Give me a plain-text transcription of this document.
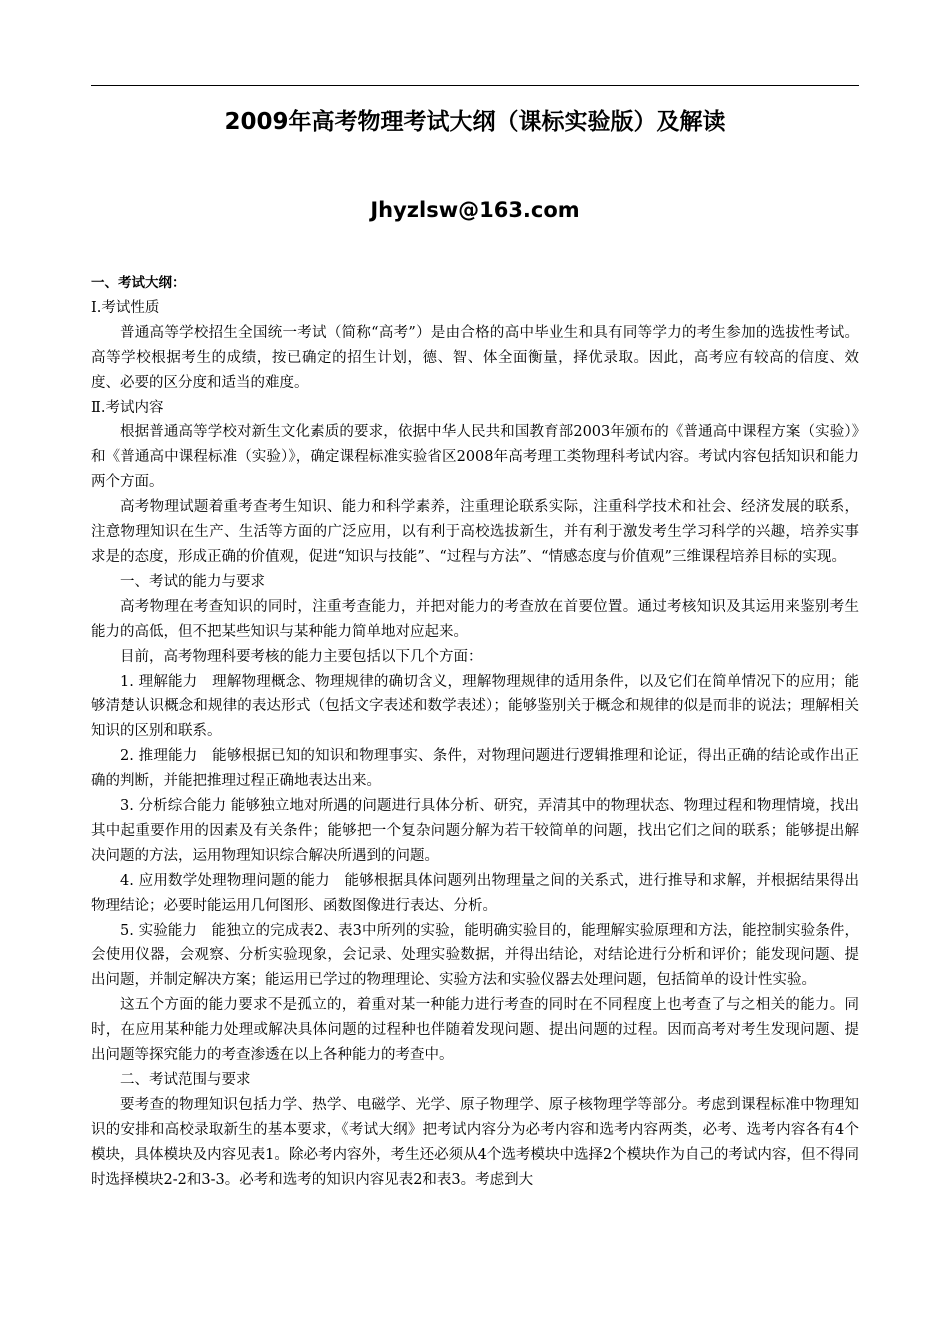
2009年高考物理考试大纲（课标实验版）及解读
Jhyzlsw@163.com

一、考试大纲：

Ⅰ.考试性质

普通高等学校招生全国统一考试（简称“高考”）是由合格的高中毕业生和具有同等学力的考生参加的选拔性考试。高等学校根据考生的成绩，按已确定的招生计划，德、智、体全面衡量，择优录取。因此，高考应有较高的信度、效度、必要的区分度和适当的难度。

Ⅱ.考试内容

根据普通高等学校对新生文化素质的要求，依据中华人民共和国教育部2003年颁布的《普通高中课程方案（实验）》和《普通高中课程标准（实验）》，确定课程标准实验省区2008年高考理工类物理科考试内容。考试内容包括知识和能力两个方面。

高考物理试题着重考查考生知识、能力和科学素养，注重理论联系实际，注重科学技术和社会、经济发展的联系，注意物理知识在生产、生活等方面的广泛应用，以有利于高校选拔新生，并有利于激发考生学习科学的兴趣，培养实事求是的态度，形成正确的价值观，促进“知识与技能”、“过程与方法”、“情感态度与价值观”三维课程培养目标的实现。

一、考试的能力与要求

高考物理在考查知识的同时，注重考查能力，并把对能力的考查放在首要位置。通过考核知识及其运用来鉴别考生能力的高低，但不把某些知识与某种能力简单地对应起来。

目前，高考物理科要考核的能力主要包括以下几个方面：

1. 理解能力　理解物理概念、物理规律的确切含义，理解物理规律的适用条件，以及它们在简单情况下的应用；能够清楚认识概念和规律的表达形式（包括文字表述和数学表述）；能够鉴别关于概念和规律的似是而非的说法；理解相关知识的区别和联系。

2. 推理能力　能够根据已知的知识和物理事实、条件，对物理问题进行逻辑推理和论证，得出正确的结论或作出正确的判断，并能把推理过程正确地表达出来。

3. 分析综合能力 能够独立地对所遇的问题进行具体分析、研究，弄清其中的物理状态、物理过程和物理情境，找出其中起重要作用的因素及有关条件；能够把一个复杂问题分解为若干较简单的问题，找出它们之间的联系；能够提出解决问题的方法，运用物理知识综合解决所遇到的问题。

4. 应用数学处理物理问题的能力　能够根据具体问题列出物理量之间的关系式，进行推导和求解，并根据结果得出物理结论；必要时能运用几何图形、函数图像进行表达、分析。

5. 实验能力　能独立的完成表2、表3中所列的实验，能明确实验目的，能理解实验原理和方法，能控制实验条件，会使用仪器，会观察、分析实验现象，会记录、处理实验数据，并得出结论，对结论进行分析和评价；能发现问题、提出问题，并制定解决方案；能运用已学过的物理理论、实验方法和实验仪器去处理问题，包括简单的设计性实验。

这五个方面的能力要求不是孤立的，着重对某一种能力进行考查的同时在不同程度上也考查了与之相关的能力。同时，在应用某种能力处理或解决具体问题的过程种也伴随着发现问题、提出问题的过程。因而高考对考生发现问题、提出问题等探究能力的考查渗透在以上各种能力的考查中。

二、考试范围与要求

要考查的物理知识包括力学、热学、电磁学、光学、原子物理学、原子核物理学等部分。考虑到课程标准中物理知识的安排和高校录取新生的基本要求，《考试大纲》把考试内容分为必考内容和选考内容两类，必考、选考内容各有4个模块，具体模块及内容见表1。除必考内容外，考生还必须从4个选考模块中选择2个模块作为自己的考试内容，但不得同时选择模块2-2和3-3。必考和选考的知识内容见表2和表3。考虑到大
